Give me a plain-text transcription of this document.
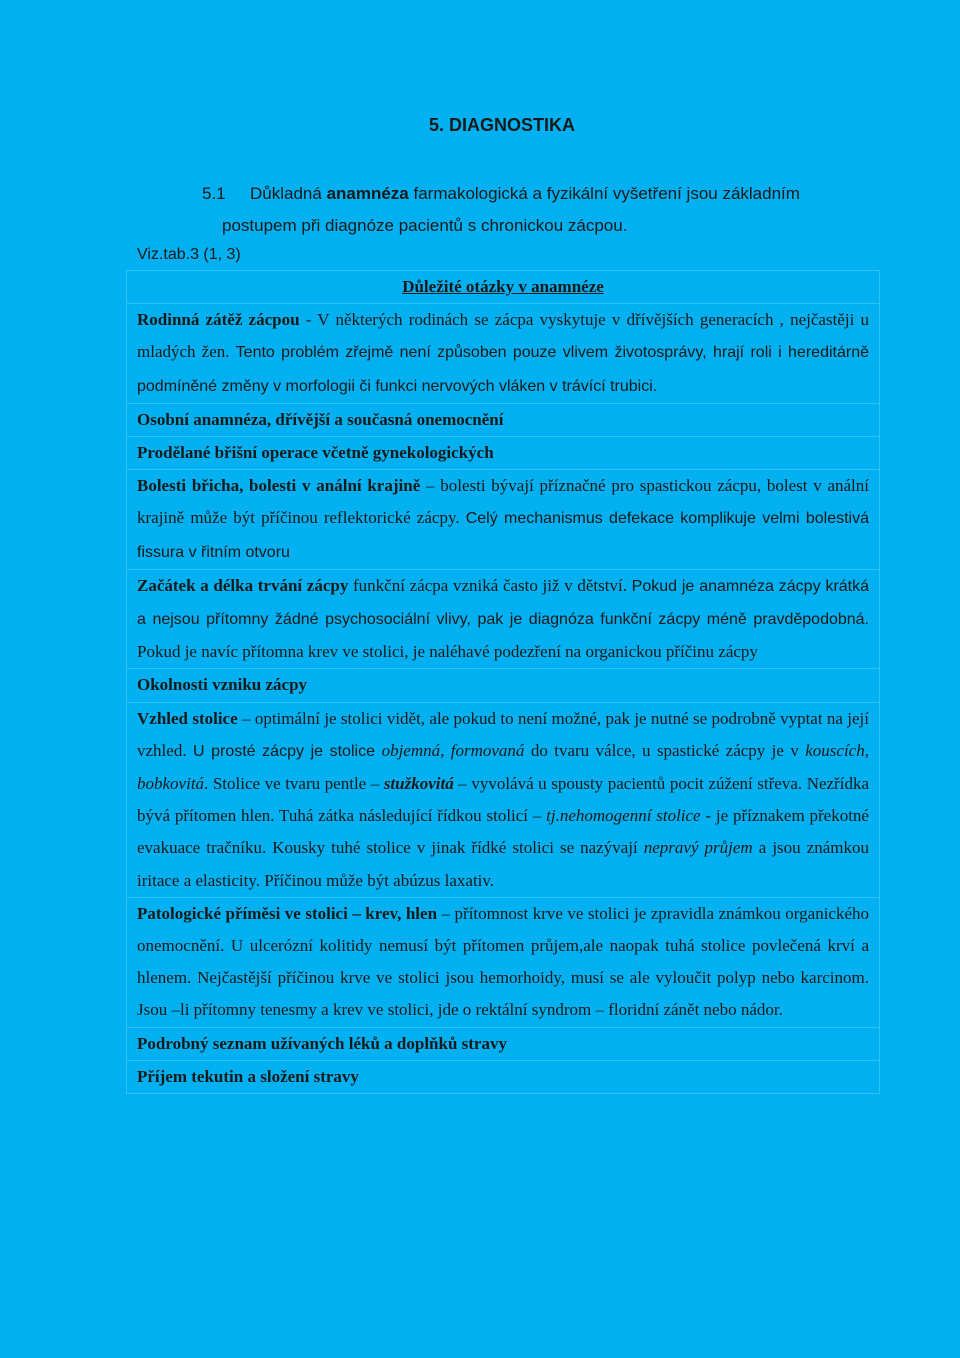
5. DIAGNOSTIKA
5.1 Důkladná anamnéza farmakologická a fyzikální vyšetření jsou základním
postupem při diagnóze pacientů s chronickou zácpou.
Viz.tab.3 (1, 3)
Důležité otázky v anamnéze
Rodinná zátěž zácpou - V některých rodinách se zácpa vyskytuje v dřívějších generacích , nejčastěji u mladých žen. Tento problém zřejmě není způsoben pouze vlivem životosprávy, hrají roli i hereditárně podmíněné změny v morfologii či funkci nervových vláken v trávící trubici.
Osobní anamnéza, dřívější a současná onemocnění
Prodělané břišní operace včetně gynekologických
Bolesti břicha, bolesti v anální krajině – bolesti bývají příznačné pro spastickou zácpu, bolest v anální krajině může být příčinou reflektorické zácpy. Celý mechanismus defekace komplikuje velmi bolestivá fissura v řitním otvoru
Začátek a délka trvání zácpy funkční zácpa vzniká často již v dětství. Pokud je anamnéza zácpy krátká a nejsou přítomny žádné psychosociální vlivy, pak je diagnóza funkční zácpy méně pravděpodobná. Pokud je navíc přítomna krev ve stolici, je naléhavé podezření na organickou příčinu zácpy
Okolnosti vzniku zácpy
Vzhled stolice – optimální je stolici vidět, ale pokud to není možné, pak je nutné se podrobně vyptat na její vzhled. U prosté zácpy je stolice objemná, formovaná do tvaru válce, u spastické zácpy je v kouscích, bobkovitá. Stolice ve tvaru pentle – stužkovitá – vyvolává u spousty pacientů pocit zúžení střeva. Nezřídka bývá přítomen hlen. Tuhá zátka následující řídkou stolicí – tj.nehomogenní stolice - je příznakem překotné evakuace tračníku. Kousky tuhé stolice v jinak řídké stolici se nazývají nepravý průjem a jsou známkou iritace a elasticity. Příčinou může být abúzus laxativ.
Patologické příměsi ve stolici – krev, hlen – přítomnost krve ve stolici je zpravidla známkou organického onemocnění. U ulcerózní kolitidy nemusí být přítomen průjem,ale naopak tuhá stolice povlečená krví a hlenem. Nejčastější příčinou krve ve stolici jsou hemorhoidy, musí se ale vyloučit polyp nebo karcinom. Jsou –li přítomny tenesmy a krev ve stolici, jde o rektální syndrom – floridní zánět nebo nádor.
Podrobný seznam užívaných léků a doplňků stravy
Příjem tekutin a složení stravy
